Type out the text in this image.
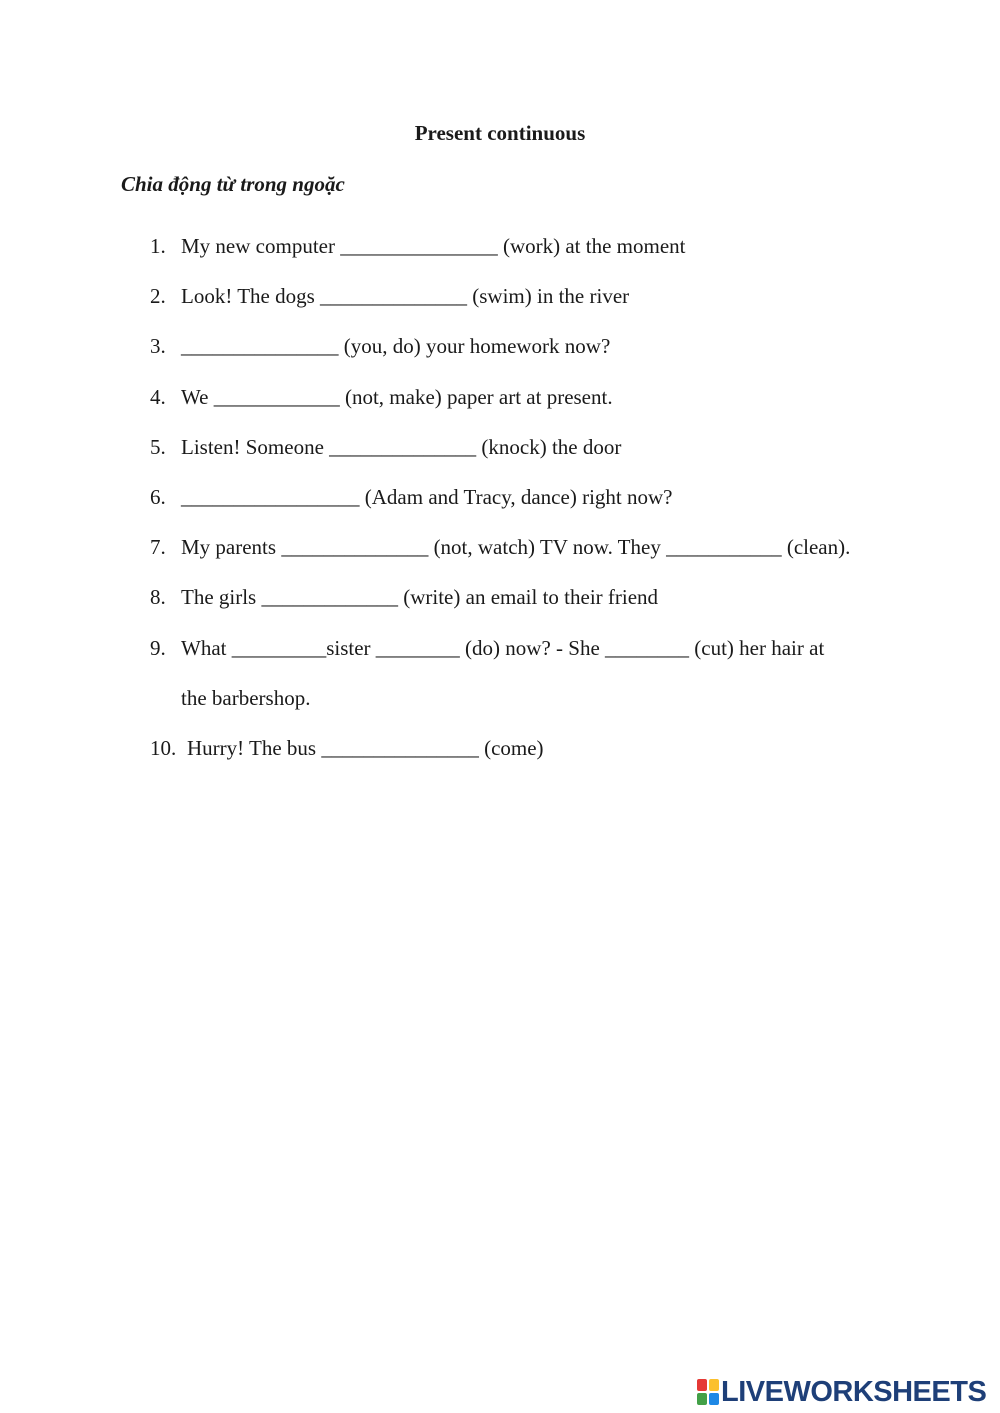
Present continuous
Chia động từ trong ngoặc
1. My new computer _______________ (work) at the moment
2. Look! The dogs ______________ (swim) in the river
3. _______________ (you, do) your homework now?
4. We ____________ (not, make) paper art at present.
5. Listen! Someone ______________ (knock) the door
6. _________________ (Adam and Tracy, dance) right now?
7. My parents ______________ (not, watch) TV now. They ___________ (clean).
8. The girls _____________ (write) an email to their friend
9. What _________sister ________ (do) now? - She ________ (cut) her hair at
the barbershop.
10. Hurry! The bus _______________ (come)
LIVEWORKSHEETS
